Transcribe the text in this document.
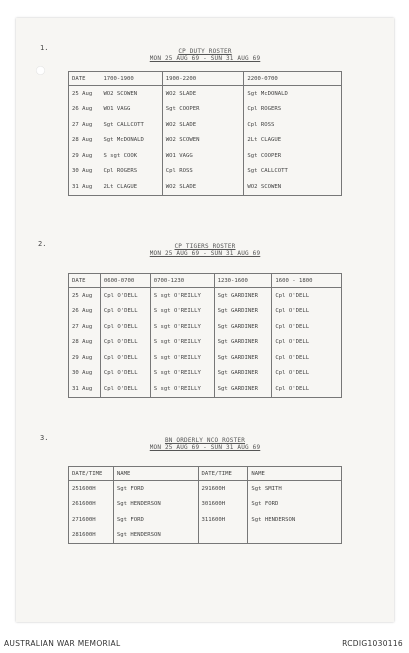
1.	CP DUTY ROSTER
MON 25 AUG 69 - SUN 31 AUG 69
DATE	1700-1900	1900-2200	2200-0700
25 Aug	WO2 SCOWEN	WO2 SLADE	Sgt McDONALD
26 Aug	WO1 VAGG	Sgt COOPER	Cpl ROGERS
27 Aug	Sgt CALLCOTT	WO2 SLADE	Cpl ROSS
28 Aug	Sgt McDONALD	WO2 SCOWEN	2Lt CLAGUE
29 Aug	S sgt COOK	WO1 VAGG	Sgt COOPER
30 Aug	Cpl ROGERS	Cpl ROSS	Sgt CALLCOTT
31 Aug	2Lt CLAGUE	WO2 SLADE	WO2 SCOWEN
2.	CP TIGERS ROSTER
MON 25 AUG 69 - SUN 31 AUG 69
DATE	0600-0700	0700-1230	1230-1600	1600 - 1800
25 Aug	Cpl O'DELL	S sgt O'REILLY	Sgt GARDINER	Cpl O'DELL
26 Aug	Cpl O'DELL	S sgt O'REILLY	Sgt GARDINER	Cpl O'DELL
27 Aug	Cpl O'DELL	S sgt O'REILLY	Sgt GARDINER	Cpl O'DELL
28 Aug	Cpl O'DELL	S sgt O'REILLY	Sgt GARDINER	Cpl O'DELL
29 Aug	Cpl O'DELL	S sgt O'REILLY	Sgt GARDINER	Cpl O'DELL
30 Aug	Cpl O'DELL	S sgt O'REILLY	Sgt GARDINER	Cpl O'DELL
31 Aug	Cpl O'DELL	S sgt O'REILLY	Sgt GARDINER	Cpl O'DELL
3.	BN ORDERLY NCO ROSTER
MON 25 AUG 69 - SUN 31 AUG 69
DATE/TIME	NAME	DATE/TIME	NAME
251600H	Sgt FORD	291600H	Sgt SMITH
261600H	Sgt HENDERSON	301600H	Sgt FORD
271600H	Sgt FORD	311600H	Sgt HENDERSON
281600H	Sgt HENDERSON		
AUSTRALIAN WAR MEMORIAL	RCDIG1030116
